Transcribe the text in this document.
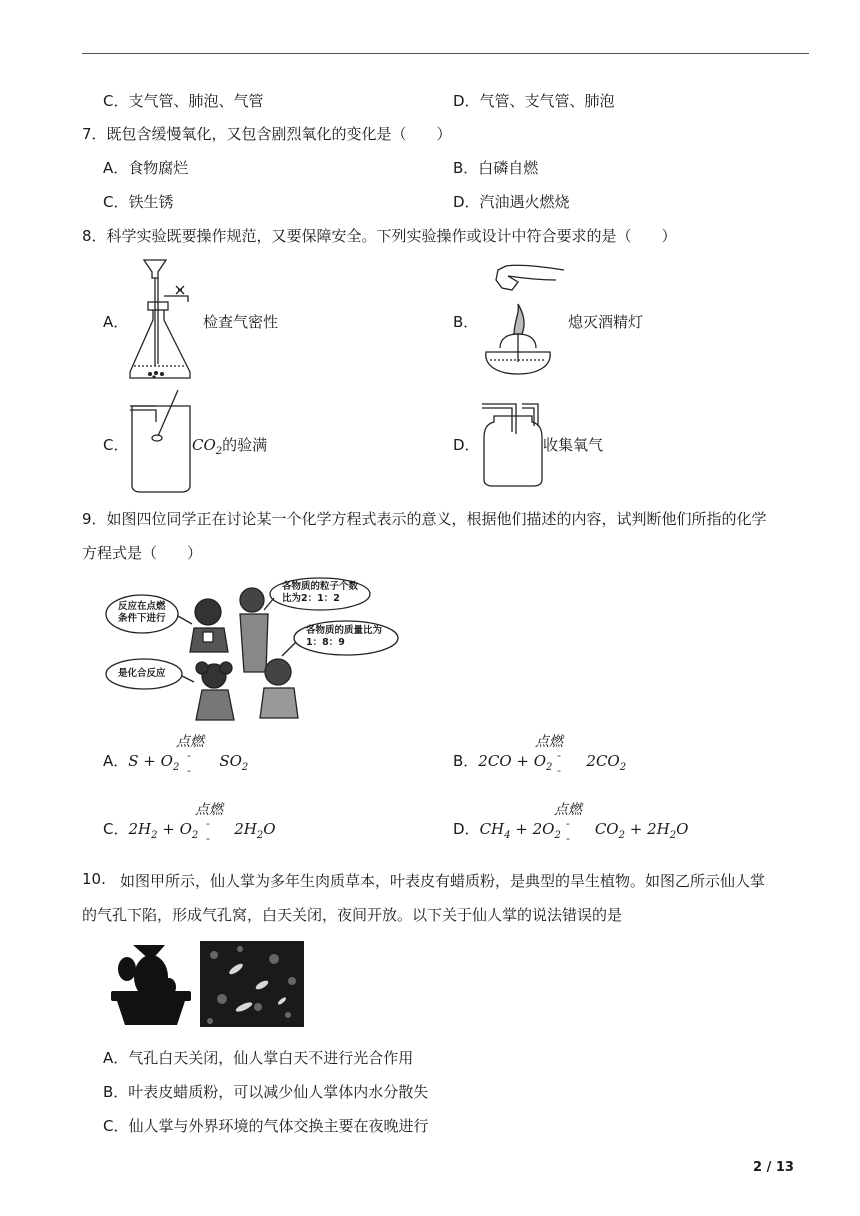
C．支气管、肺泡、气管	D．气管、支气管、肺泡
7．既包含缓慢氧化，又包含剧烈氧化的变化是（　　）
A．食物腐烂	B．白磷自燃
C．铁生锈	D．汽油遇火燃烧
8．科学实验既要操作规范，又要保障安全。下列实验操作或设计中符合要求的是（　　）
A．	检查气密性	B．	熄灭酒精灯
C．	$CO_2$的验满	D．	收集氧气
9．如图四位同学正在讨论某一个化学方程式表示的意义，根据他们描述的内容，试判断他们所指的化学
方程式是（　　）
反应在点燃
条件下进行
各物质的粒子个数
比为2：1：2
各物质的质量比为
1：8：9
是化合反应
点燃
A．$S + O_2$	$SO_2$
-
-
点燃
B．$2CO + O_2$ $2CO_2$
-
-
点燃
C．$2H_2 + O_2$ $2H_2O$
-
-
点燃
D．$CH_4 + 2O_2$ $CO_2 + 2H_2O$
-
-
10. 如图甲所示，仙人掌为多年生肉质草本，叶表皮有蜡质粉，是典型的旱生植物。如图乙所示仙人掌
的气孔下陷，形成气孔窝，白天关闭，夜间开放。以下关于仙人掌的说法错误的是
A．气孔白天关闭，仙人掌白天不进行光合作用
B．叶表皮蜡质粉，可以减少仙人掌体内水分散失
C．仙人掌与外界环境的气体交换主要在夜晚进行
2 / 13
